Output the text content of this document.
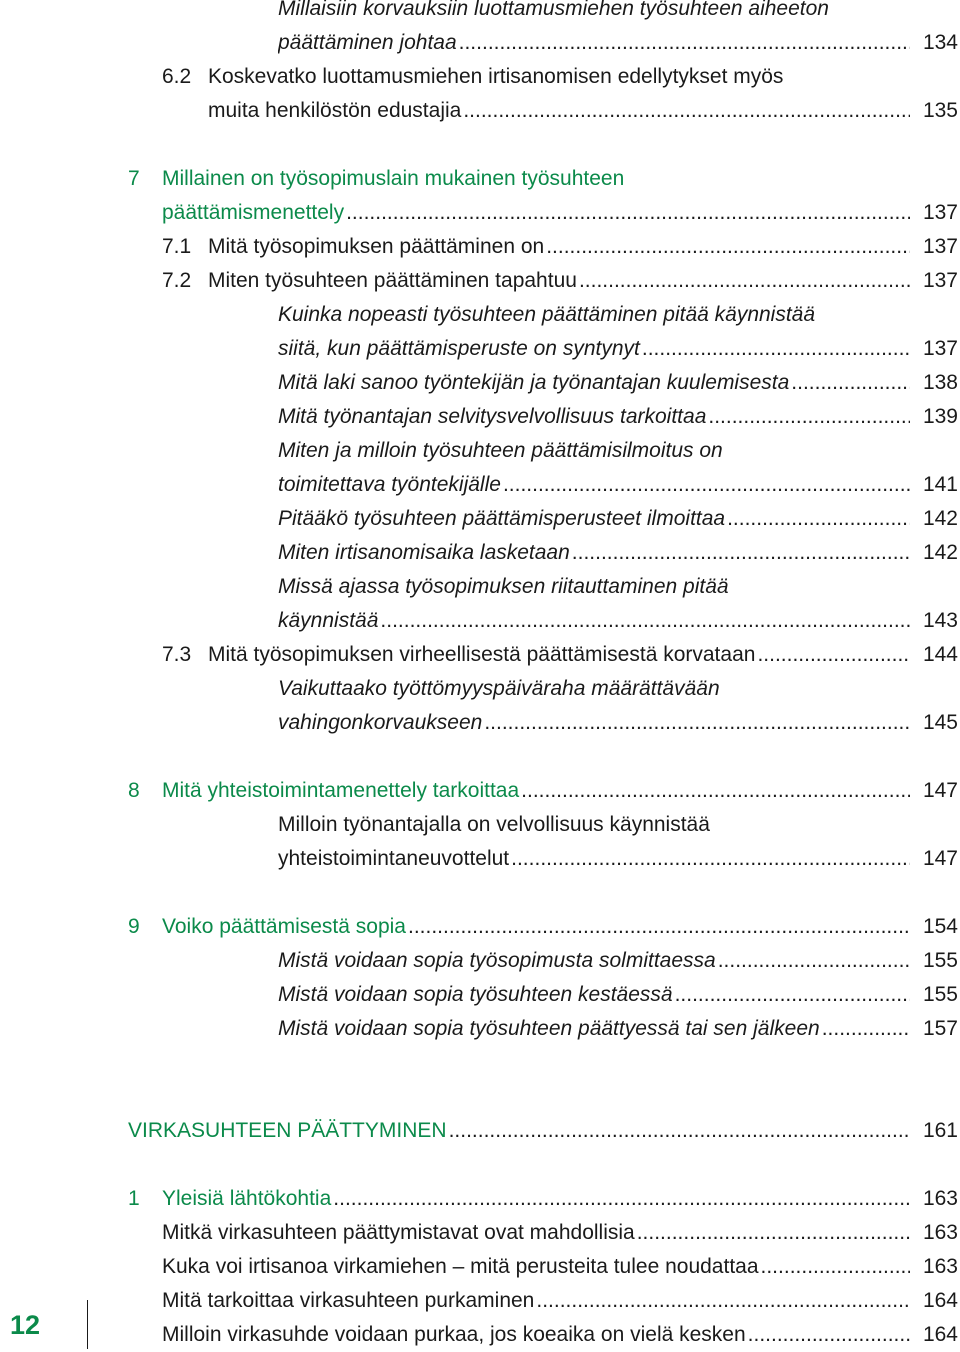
Millaisiin korvauksiin luottamusmiehen työsuhteen aiheeton
päättäminen johtaa .....	134
6.2 Koskevatko luottamusmiehen irtisanomisen edellytykset myös
muita henkilöstön edustajia .....	135
7 Millainen on työsopimuslain mukainen työsuhteen
päättämismenettely .....	137
7.1 Mitä työsopimuksen päättäminen on .....	137
7.2 Miten työsuhteen päättäminen tapahtuu .....	137
Kuinka nopeasti työsuhteen päättäminen pitää käynnistää
siitä, kun päättämisperuste on syntynyt .....	137
Mitä laki sanoo työntekijän ja työnantajan kuulemisesta .....	138
Mitä työnantajan selvitysvelvollisuus tarkoittaa .....	139
Miten ja milloin työsuhteen päättämisilmoitus on
toimitettava työntekijälle .....	141
Pitääkö työsuhteen päättämisperusteet ilmoittaa .....	142
Miten irtisanomisaika lasketaan .....	142
Missä ajassa työsopimuksen riitauttaminen pitää
käynnistää .....	143
7.3 Mitä työsopimuksen virheellisestä päättämisestä korvataan .....	144
Vaikuttaako työttömyyspäiväraha määrättävään
vahingonkorvaukseen .....	145
8 Mitä yhteistoimintamenettely tarkoittaa .....	147
Milloin työnantajalla on velvollisuus käynnistää
yhteistoimintaneuvottelut .....	147
9 Voiko päättämisestä sopia .....	154
Mistä voidaan sopia työsopimusta solmittaessa .....	155
Mistä voidaan sopia työsuhteen kestäessä .....	155
Mistä voidaan sopia työsuhteen päättyessä tai sen jälkeen .....	157
VIRKASUHTEEN PÄÄTTYMINEN .....	161
1 Yleisiä lähtökohtia .....	163
Mitkä virkasuhteen päättymistavat ovat mahdollisia .....	163
Kuka voi irtisanoa virkamiehen – mitä perusteita tulee noudattaa .....	163
Mitä tarkoittaa virkasuhteen purkaminen .....	164
Milloin virkasuhde voidaan purkaa, jos koeaika on vielä kesken .....	164
12
